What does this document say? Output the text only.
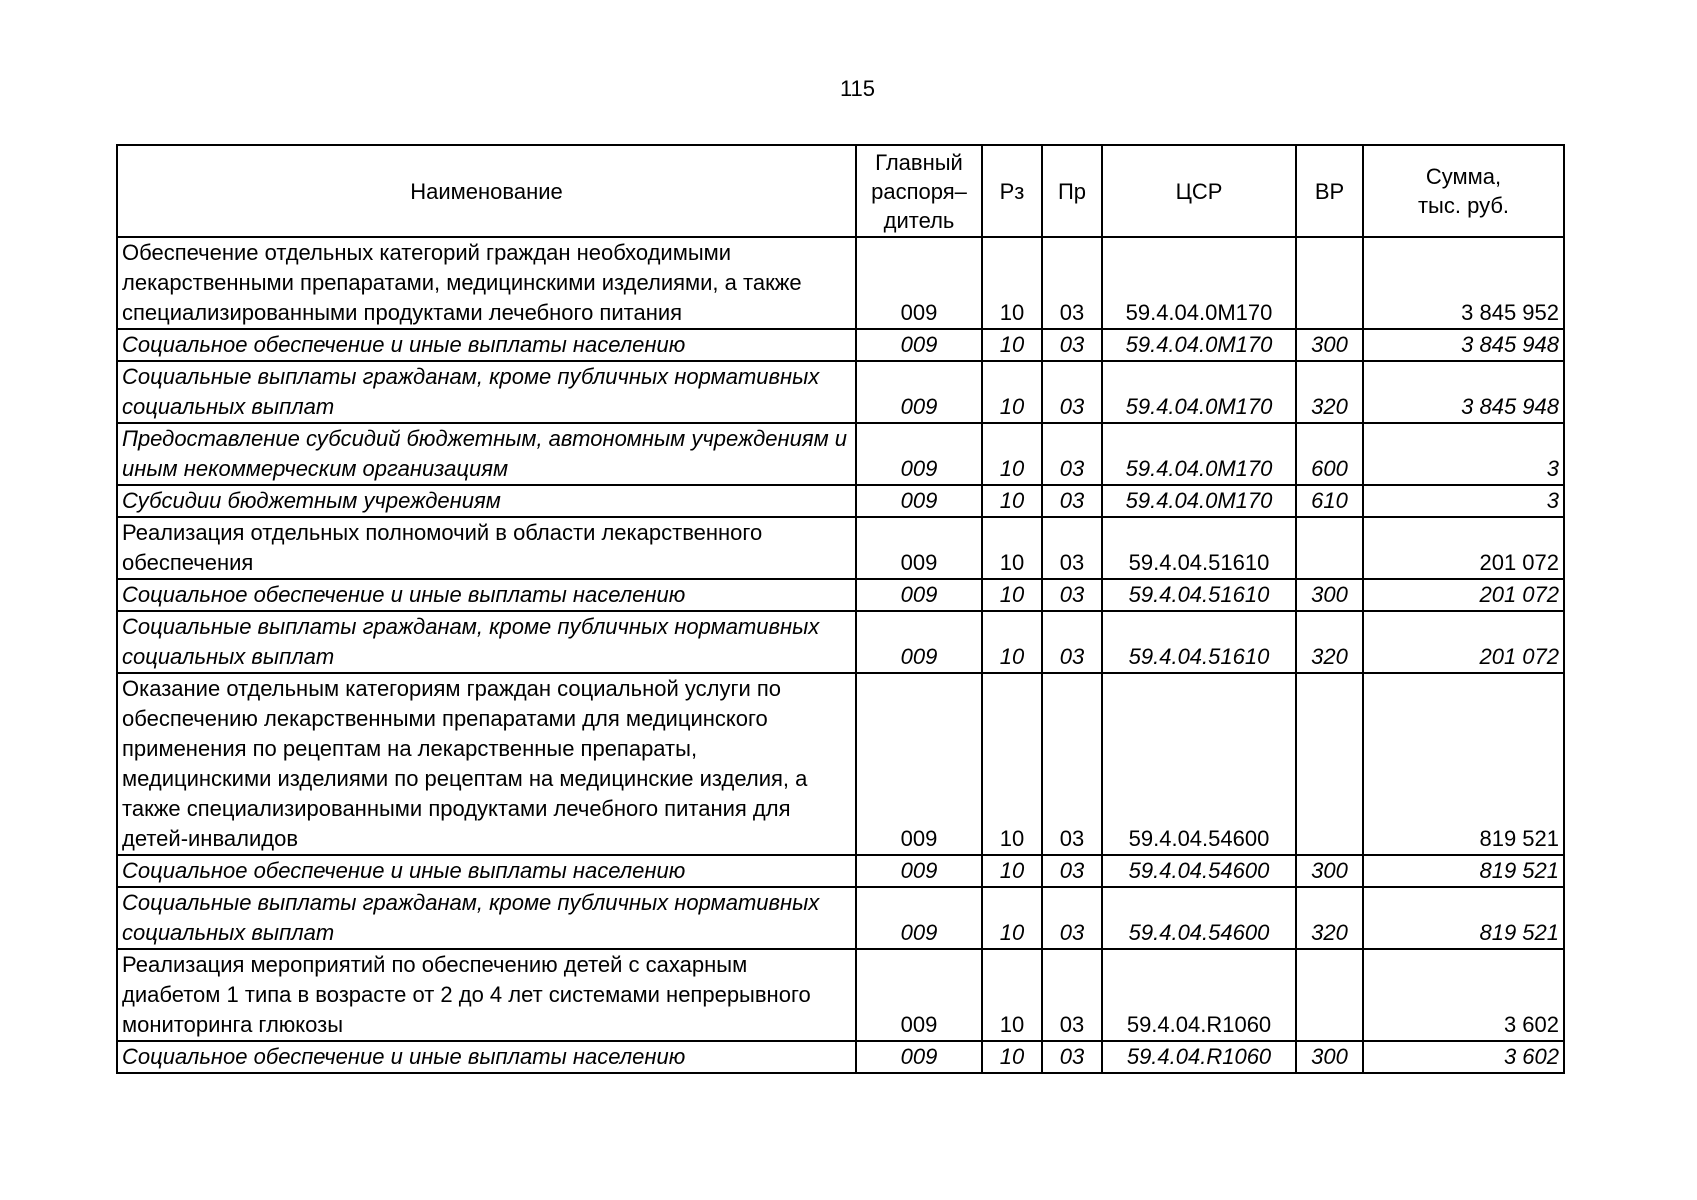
115
Наименование	Главный
распоря–
дитель	Рз	Пр	ЦСР	ВР	Сумма,
тыс. руб.
Обеспечение отдельных категорий граждан необходимыми лекарственными препаратами, медицинскими изделиями, а также специализированными продуктами лечебного питания	009	10	03	59.4.04.0М170		3 845 952
Социальное обеспечение и иные выплаты населению	009	10	03	59.4.04.0М170	300	3 845 948
Социальные выплаты гражданам, кроме публичных нормативных социальных выплат	009	10	03	59.4.04.0М170	320	3 845 948
Предоставление субсидий бюджетным, автономным учреждениям и иным некоммерческим организациям	009	10	03	59.4.04.0М170	600	3
Субсидии бюджетным учреждениям	009	10	03	59.4.04.0М170	610	3
Реализация отдельных полномочий в области лекарственного обеспечения	009	10	03	59.4.04.51610		201 072
Социальное обеспечение и иные выплаты населению	009	10	03	59.4.04.51610	300	201 072
Социальные выплаты гражданам, кроме публичных нормативных социальных выплат	009	10	03	59.4.04.51610	320	201 072
Оказание отдельным категориям граждан социальной услуги по обеспечению лекарственными препаратами для медицинского применения по рецептам на лекарственные препараты, медицинскими изделиями по рецептам на медицинские изделия, а также специализированными продуктами лечебного питания для детей-инвалидов	009	10	03	59.4.04.54600		819 521
Социальное обеспечение и иные выплаты населению	009	10	03	59.4.04.54600	300	819 521
Социальные выплаты гражданам, кроме публичных нормативных социальных выплат	009	10	03	59.4.04.54600	320	819 521
Реализация мероприятий по обеспечению детей с сахарным диабетом 1 типа в возрасте от 2 до 4 лет системами непрерывного мониторинга глюкозы	009	10	03	59.4.04.R1060		3 602
Социальное обеспечение и иные выплаты населению	009	10	03	59.4.04.R1060	300	3 602
